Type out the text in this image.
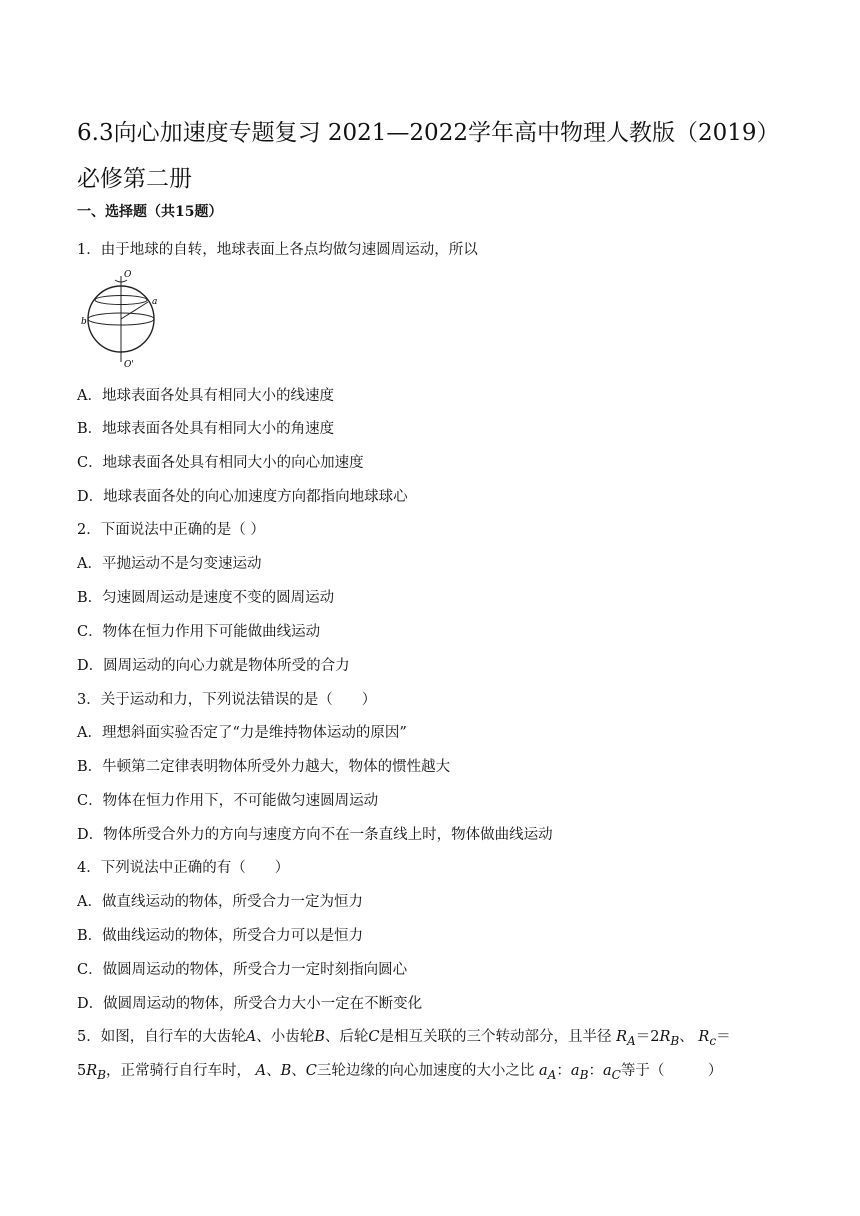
6.3向心加速度专题复习 2021—2022学年高中物理人教版（2019）必修第二册
一、选择题（共15题）
1．由于地球的自转，地球表面上各点均做匀速圆周运动，所以
O
O'
b
a
A．地球表面各处具有相同大小的线速度
B．地球表面各处具有相同大小的角速度
C．地球表面各处具有相同大小的向心加速度
D．地球表面各处的向心加速度方向都指向地球球心
2．下面说法中正确的是（ ）
A．平抛运动不是匀变速运动
B．匀速圆周运动是速度不变的圆周运动
C．物体在恒力作用下可能做曲线运动
D．圆周运动的向心力就是物体所受的合力
3．关于运动和力，下列说法错误的是（　　）
A．理想斜面实验否定了“力是维持物体运动的原因”
B．牛顿第二定律表明物体所受外力越大，物体的惯性越大
C．物体在恒力作用下，不可能做匀速圆周运动
D．物体所受合外力的方向与速度方向不在一条直线上时，物体做曲线运动
4．下列说法中正确的有（　　）
A．做直线运动的物体，所受合力一定为恒力
B．做曲线运动的物体，所受合力可以是恒力
C．做圆周运动的物体，所受合力一定时刻指向圆心
D．做圆周运动的物体，所受合力大小一定在不断变化
5．如图，自行车的大齿轮A、小齿轮B、后轮C是相互关联的三个转动部分，且半径 $R_A=2R_B$、 $R_c=$
$5R_B$，正常骑行自行车时， A、B、C三轮边缘的向心加速度的大小之比 $a_A$：$a_B$：$a_C$等于（　　　）
